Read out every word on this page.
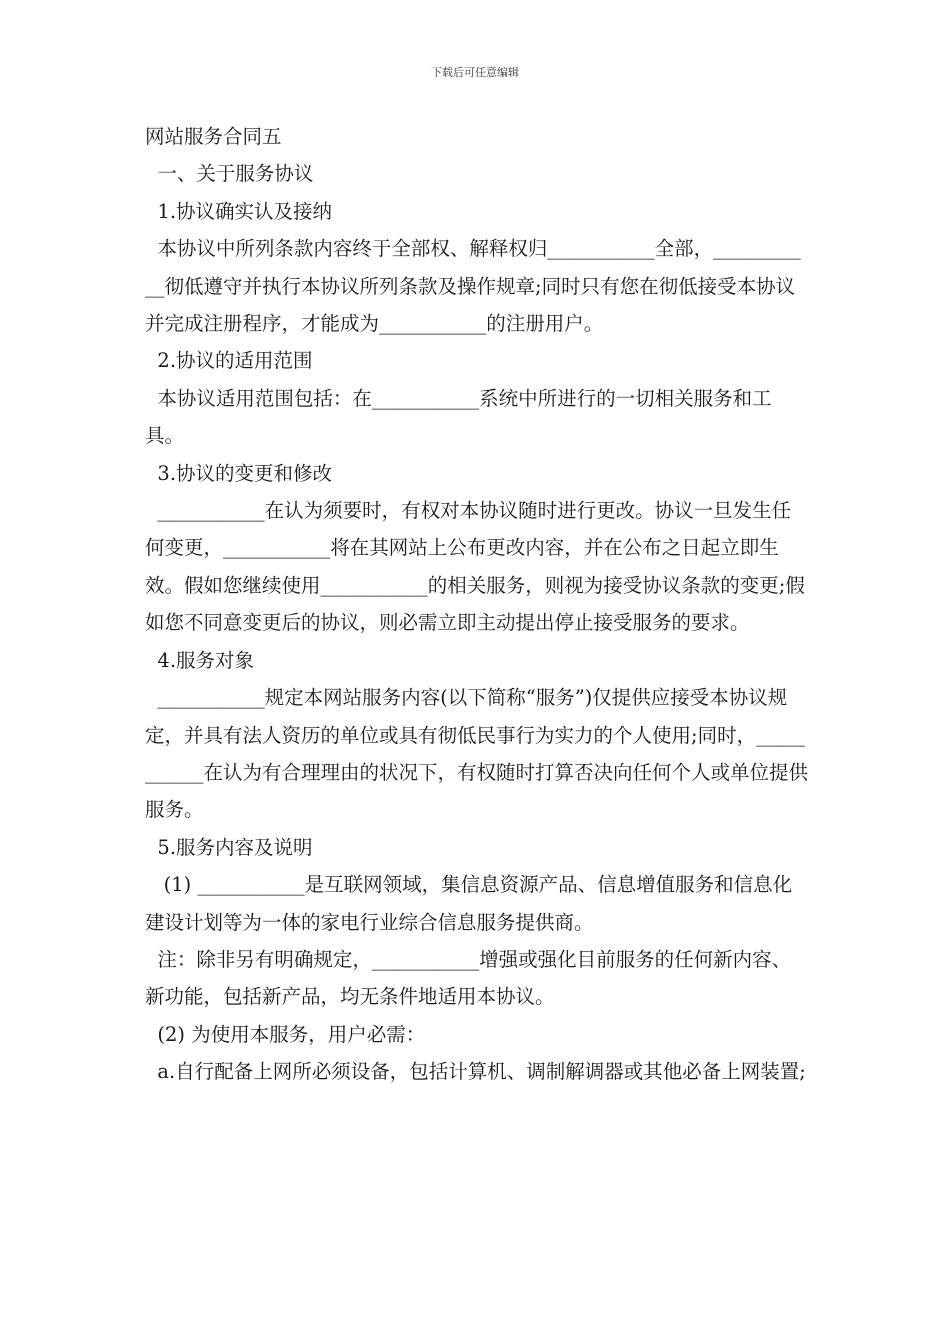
下载后可任意编辑

网站服务合同五

一、关于服务协议

1.协议确实认及接纳

本协议中所列条款内容终于全部权、解释权归___________全部，___________彻低遵守并执行本协议所列条款及操作规章;同时只有您在彻低接受本协议并完成注册程序，才能成为___________的注册用户。

2.协议的适用范围

本协议适用范围包括：在___________系统中所进行的一切相关服务和工具。

3.协议的变更和修改

___________在认为须要时，有权对本协议随时进行更改。协议一旦发生任何变更，___________将在其网站上公布更改内容，并在公布之日起立即生效。假如您继续使用___________的相关服务，则视为接受协议条款的变更;假如您不同意变更后的协议，则必需立即主动提出停止接受服务的要求。

4.服务对象

___________规定本网站服务内容(以下简称“服务”)仅提供应接受本协议规定，并具有法人资历的单位或具有彻低民事行为实力的个人使用;同时，___________在认为有合理理由的状况下，有权随时打算否决向任何个人或单位提供服务。

5.服务内容及说明

(1) ___________是互联网领域，集信息资源产品、信息增值服务和信息化建设计划等为一体的家电行业综合信息服务提供商。

注：除非另有明确规定，___________增强或强化目前服务的任何新内容、新功能，包括新产品，均无条件地适用本协议。

(2) 为使用本服务，用户必需：

a.自行配备上网所必须设备，包括计算机、调制解调器或其他必备上网装置;
